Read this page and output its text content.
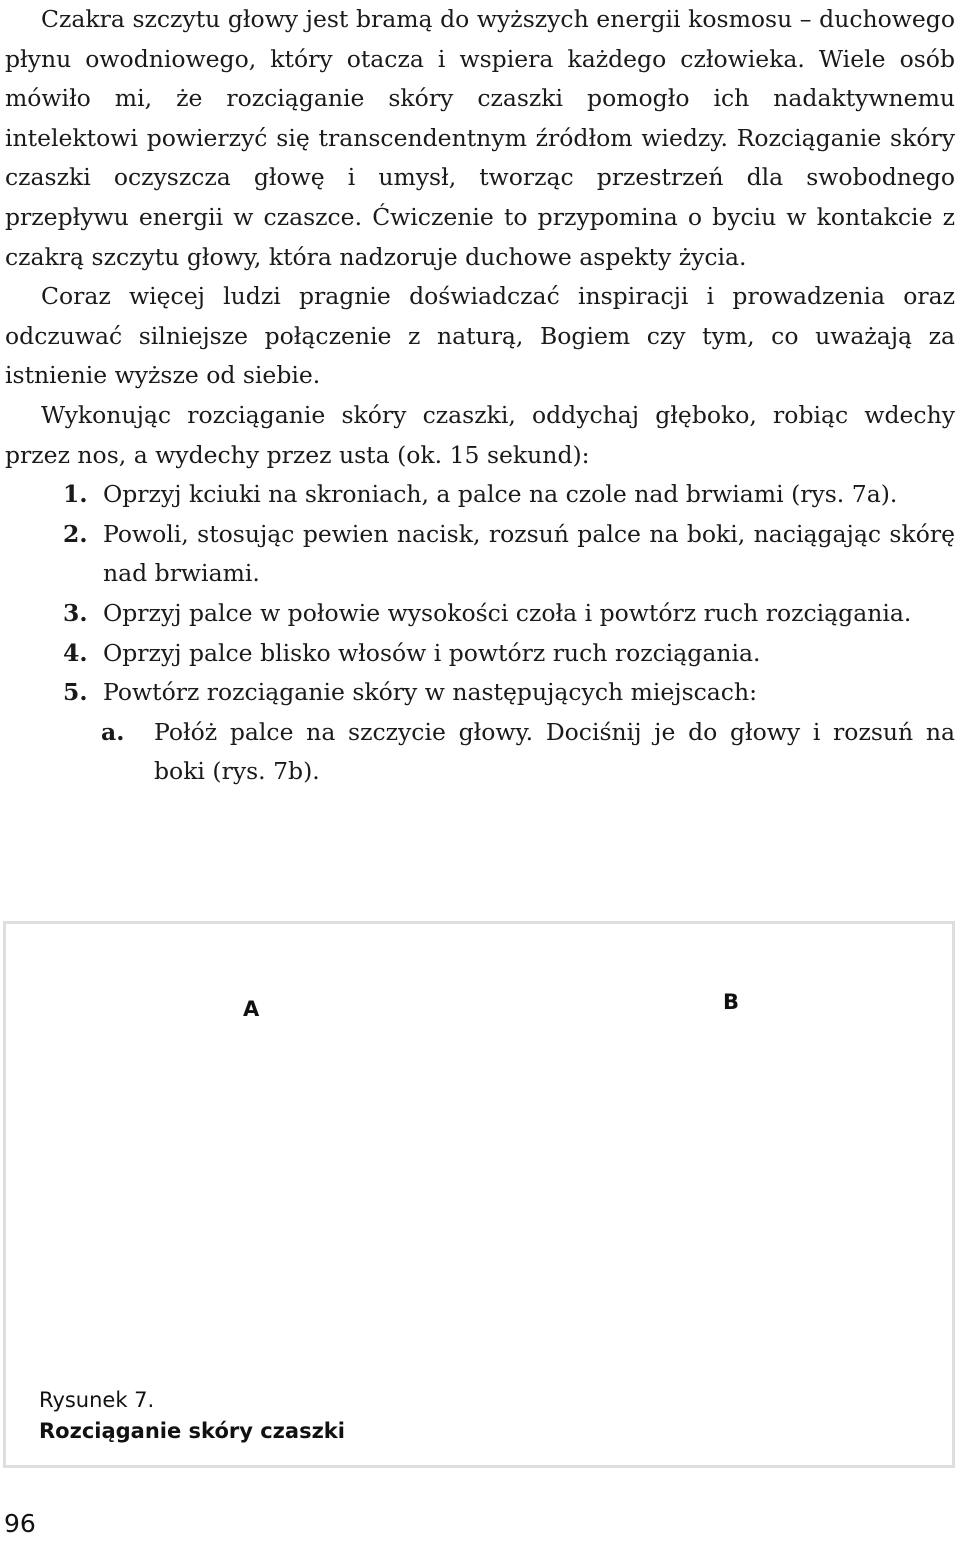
Czakra szczytu głowy jest bramą do wyższych energii kosmosu – duchowego płynu owodniowego, który otacza i wspiera każdego człowieka. Wiele osób mówiło mi, że rozciąganie skóry czaszki pomogło ich nadaktywnemu intelektowi powierzyć się transcendentnym źródłom wiedzy. Rozciąganie skóry czaszki oczyszcza głowę i umysł, tworząc przestrzeń dla swobodnego przepływu energii w czaszce. Ćwiczenie to przypomina o byciu w kontakcie z czakrą szczytu głowy, która nadzoruje duchowe aspekty życia.

Coraz więcej ludzi pragnie doświadczać inspiracji i prowadzenia oraz odczuwać silniejsze połączenie z naturą, Bogiem czy tym, co uważają za istnienie wyższe od siebie.

Wykonując rozciąganie skóry czaszki, oddychaj głęboko, robiąc wdechy przez nos, a wydechy przez usta (ok. 15 sekund):

1. Oprzyj kciuki na skroniach, a palce na czole nad brwiami (rys. 7a).
2. Powoli, stosując pewien nacisk, rozsuń palce na boki, naciągając skórę nad brwiami.
3. Oprzyj palce w połowie wysokości czoła i powtórz ruch rozciągania.
4. Oprzyj palce blisko włosów i powtórz ruch rozciągania.
5. Powtórz rozciąganie skóry w następujących miejscach:
a. Połóż palce na szczycie głowy. Dociśnij je do głowy i rozsuń na boki (rys. 7b).
A	B
Rysunek 7.
Rozciąganie skóry czaszki
96
